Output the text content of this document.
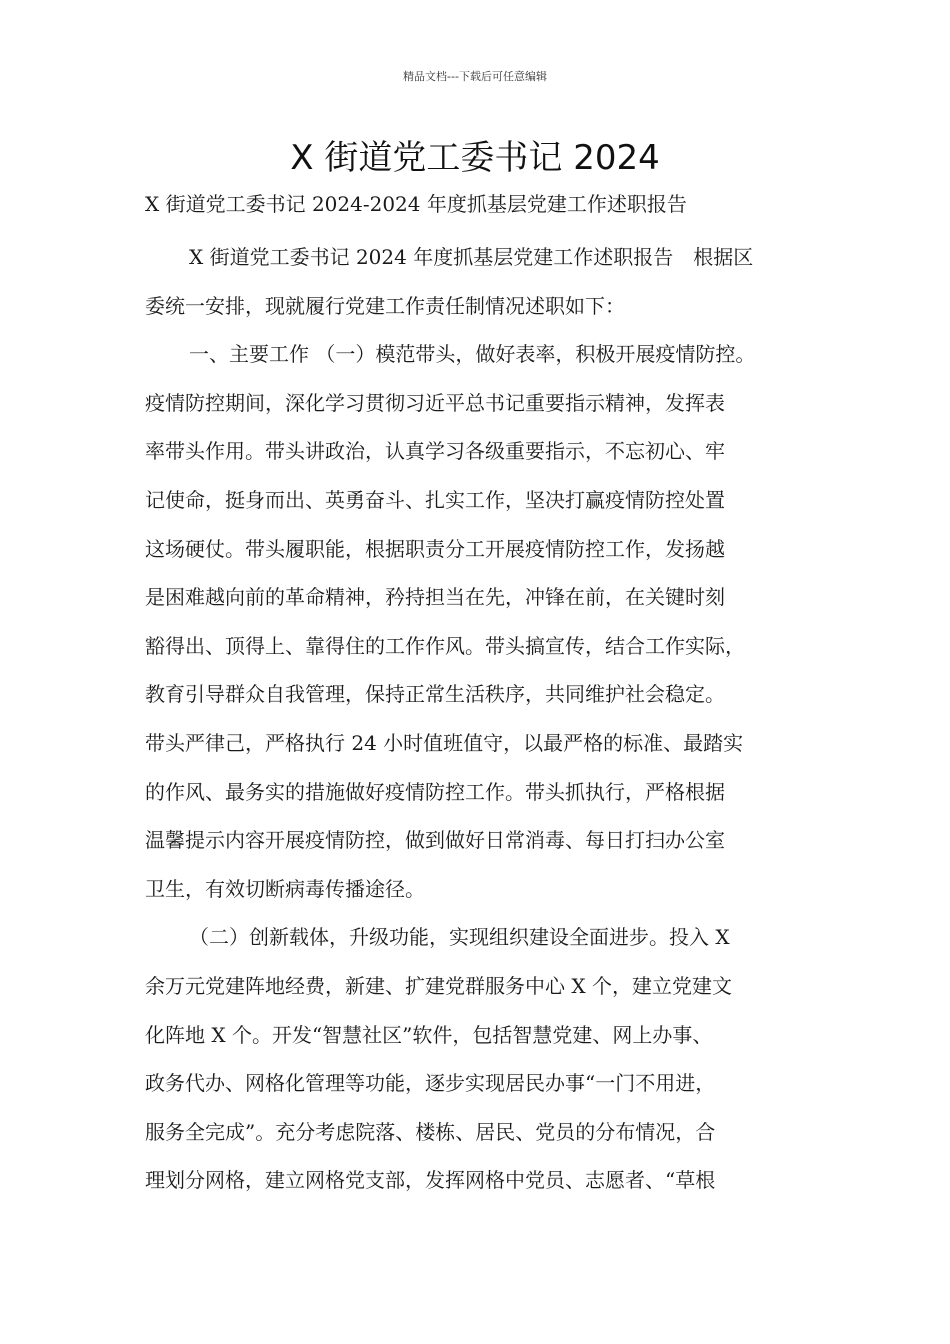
精品文档---下载后可任意编辑
X 街道党工委书记 2024
X 街道党工委书记 2024-2024 年度抓基层党建工作述职报告
X 街道党工委书记 2024 年度抓基层党建工作述职报告　根据区
委统一安排，现就履行党建工作责任制情况述职如下：
一、主要工作 （一）模范带头，做好表率，积极开展疫情防控。
疫情防控期间，深化学习贯彻习近平总书记重要指示精神，发挥表
率带头作用。带头讲政治，认真学习各级重要指示，不忘初心、牢
记使命，挺身而出、英勇奋斗、扎实工作，坚决打赢疫情防控处置
这场硬仗。带头履职能，根据职责分工开展疫情防控工作，发扬越
是困难越向前的革命精神，矜持担当在先，冲锋在前，在关键时刻
豁得出、顶得上、靠得住的工作作风。带头搞宣传，结合工作实际，
教育引导群众自我管理，保持正常生活秩序，共同维护社会稳定。
带头严律己，严格执行 24 小时值班值守，以最严格的标准、最踏实
的作风、最务实的措施做好疫情防控工作。带头抓执行，严格根据
温馨提示内容开展疫情防控，做到做好日常消毒、每日打扫办公室
卫生，有效切断病毒传播途径。
（二）创新载体，升级功能，实现组织建设全面进步。投入 X
余万元党建阵地经费，新建、扩建党群服务中心 X 个，建立党建文
化阵地 X 个。开发“智慧社区”软件，包括智慧党建、网上办事、
政务代办、网格化管理等功能，逐步实现居民办事“一门不用进，
服务全完成”。充分考虑院落、楼栋、居民、党员的分布情况，合
理划分网格，建立网格党支部，发挥网格中党员、志愿者、“草根
